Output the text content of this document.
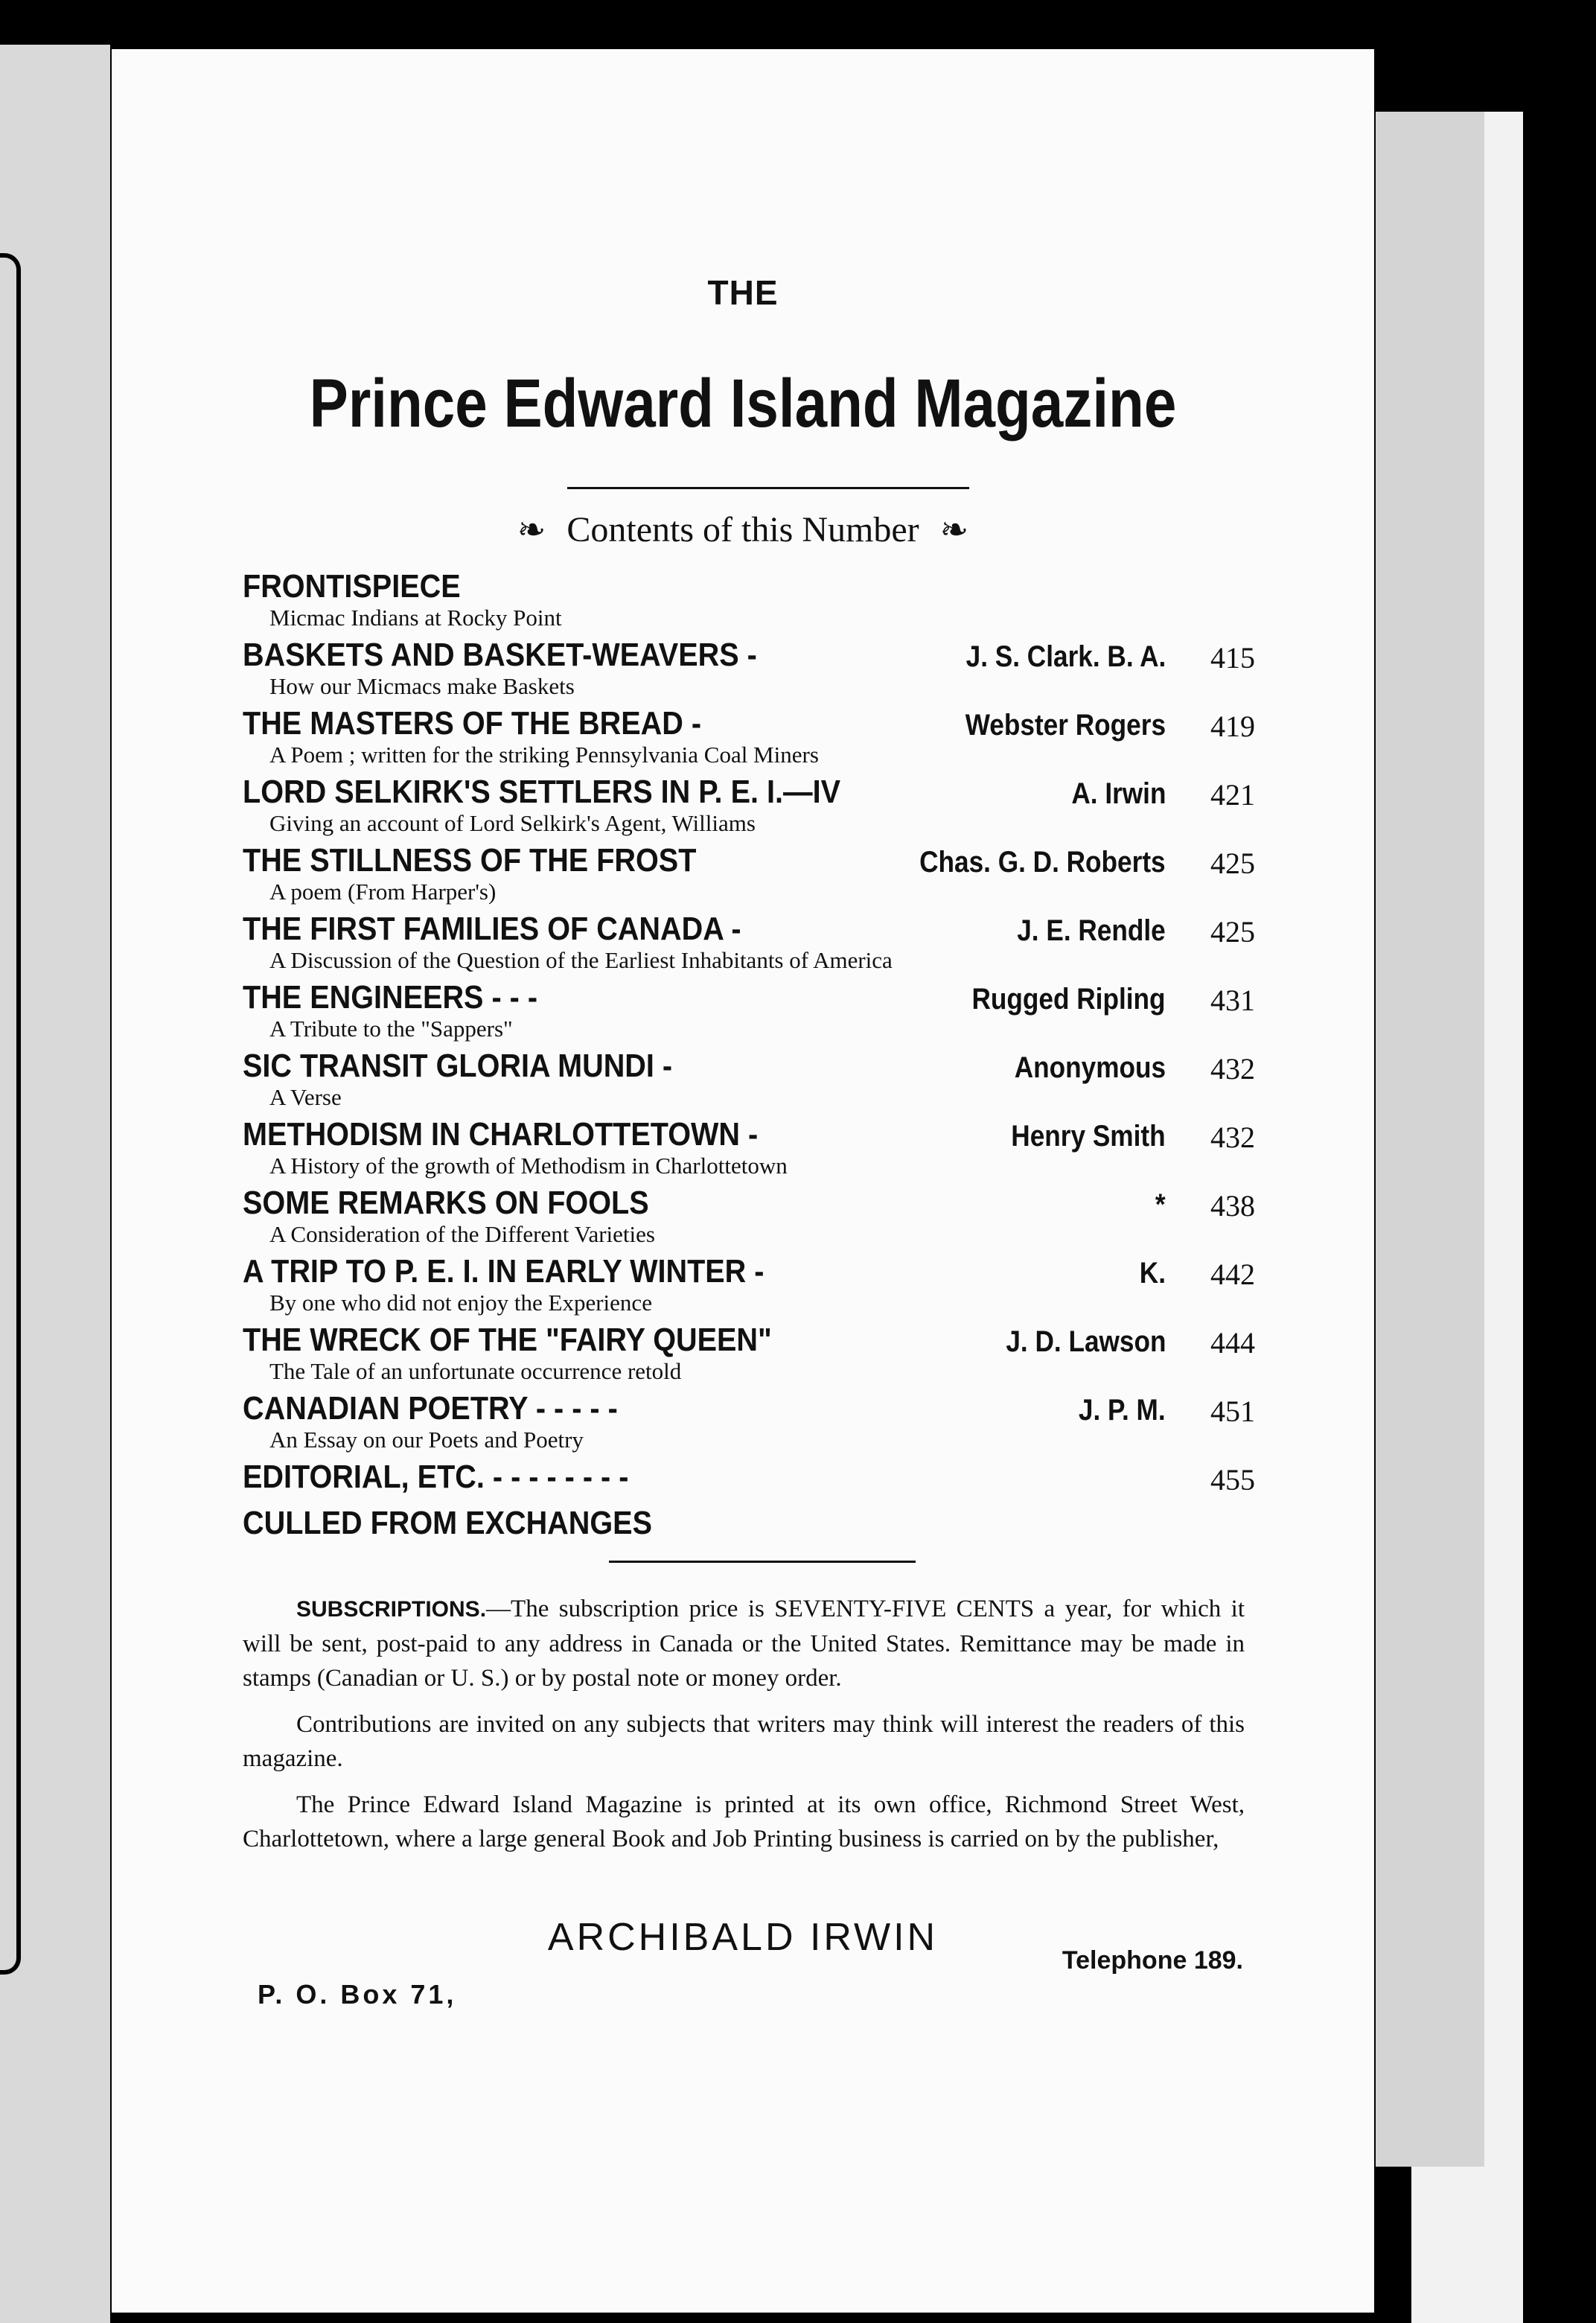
THE
Prince Edward Island Magazine
❧ Contents of this Number ❧
FRONTISPIECE
Micmac Indians at Rocky Point
BASKETS AND BASKET-WEAVERS -	J. S. Clark. B. A.	415
How our Micmacs make Baskets
THE MASTERS OF THE BREAD -	Webster Rogers	419
A Poem ; written for the striking Pennsylvania Coal Miners
LORD SELKIRK'S SETTLERS IN P. E. I.—IV	A. Irwin	421
Giving an account of Lord Selkirk's Agent, Williams
THE STILLNESS OF THE FROST	Chas. G. D. Roberts	425
A poem (From Harper's)
THE FIRST FAMILIES OF CANADA -	J. E. Rendle	425
A Discussion of the Question of the Earliest Inhabitants of America
THE ENGINEERS - - -	Rugged Ripling	431
A Tribute to the "Sappers"
SIC TRANSIT GLORIA MUNDI -	Anonymous	432
A Verse
METHODISM IN CHARLOTTETOWN -	Henry Smith	432
A History of the growth of Methodism in Charlottetown
SOME REMARKS ON FOOLS	*	438
A Consideration of the Different Varieties
A TRIP TO P. E. I. IN EARLY WINTER -	K.	442
By one who did not enjoy the Experience
THE WRECK OF THE "FAIRY QUEEN"	J. D. Lawson	444
The Tale of an unfortunate occurrence retold
CANADIAN POETRY - - - - -	J. P. M.	451
An Essay on our Poets and Poetry
EDITORIAL, ETC. - - - - - - - -	455
CULLED FROM EXCHANGES

SUBSCRIPTIONS.—The subscription price is SEVENTY-FIVE CENTS a year, for which it will be sent, post-paid to any address in Canada or the United States. Remittance may be made in stamps (Canadian or U. S.) or by postal note or money order.

Contributions are invited on any subjects that writers may think will interest the readers of this magazine.

The Prince Edward Island Magazine is printed at its own office, Richmond Street West, Charlottetown, where a large general Book and Job Printing business is carried on by the publisher,

ARCHIBALD IRWIN
Telephone 189.
P. O. Box 71,
